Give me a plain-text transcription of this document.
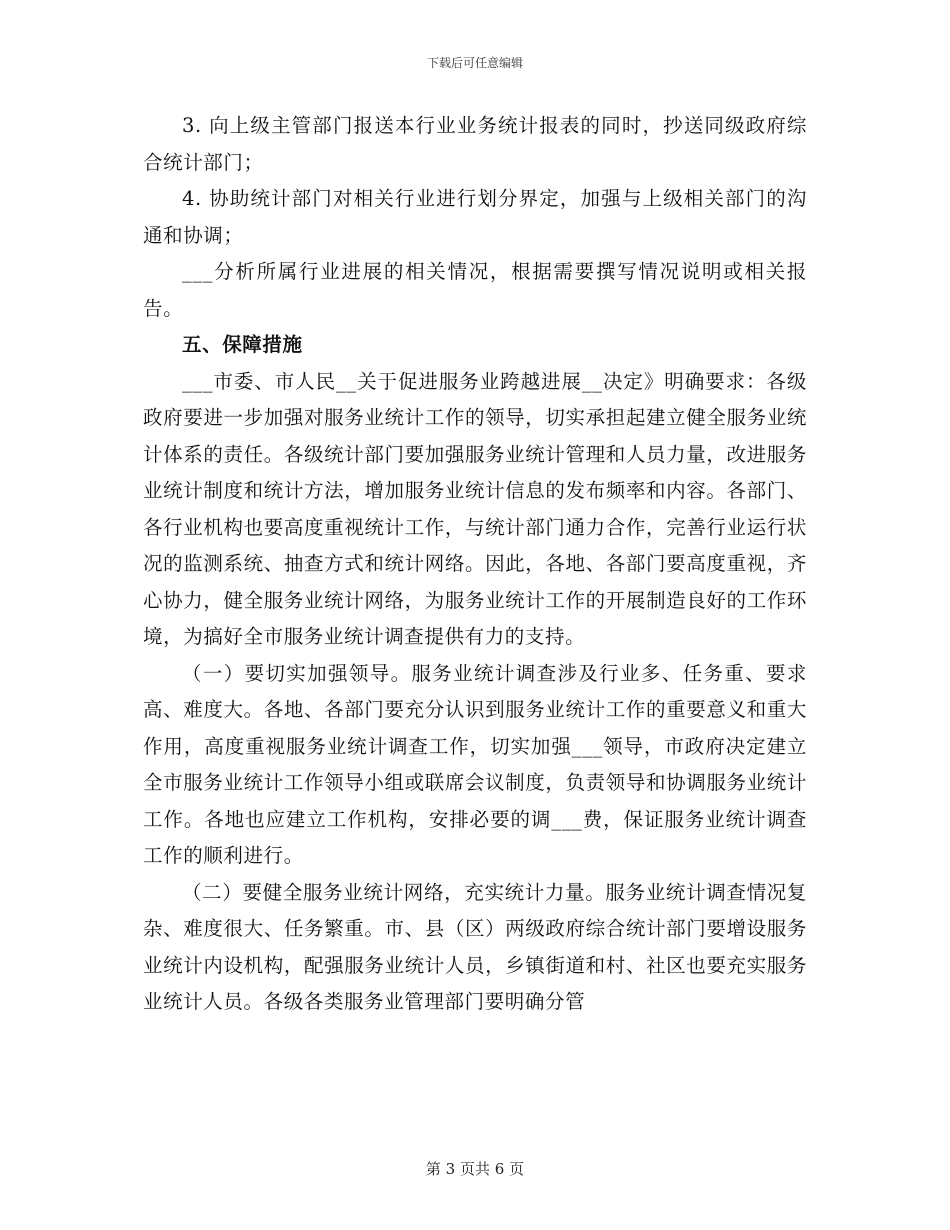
下载后可任意编辑

3. 向上级主管部门报送本行业业务统计报表的同时，抄送同级政府综合统计部门；

4. 协助统计部门对相关行业进行划分界定，加强与上级相关部门的沟通和协调；

___分析所属行业进展的相关情况，根据需要撰写情况说明或相关报告。

五、保障措施

___市委、市人民__关于促进服务业跨越进展__决定》明确要求：各级政府要进一步加强对服务业统计工作的领导，切实承担起建立健全服务业统计体系的责任。各级统计部门要加强服务业统计管理和人员力量，改进服务业统计制度和统计方法，增加服务业统计信息的发布频率和内容。各部门、各行业机构也要高度重视统计工作，与统计部门通力合作，完善行业运行状况的监测系统、抽查方式和统计网络。因此，各地、各部门要高度重视，齐心协力，健全服务业统计网络，为服务业统计工作的开展制造良好的工作环境，为搞好全市服务业统计调查提供有力的支持。

（一）要切实加强领导。服务业统计调查涉及行业多、任务重、要求高、难度大。各地、各部门要充分认识到服务业统计工作的重要意义和重大作用，高度重视服务业统计调查工作，切实加强___领导，市政府决定建立全市服务业统计工作领导小组或联席会议制度，负责领导和协调服务业统计工作。各地也应建立工作机构，安排必要的调___费，保证服务业统计调查工作的顺利进行。

（二）要健全服务业统计网络，充实统计力量。服务业统计调查情况复杂、难度很大、任务繁重。市、县（区）两级政府综合统计部门要增设服务业统计内设机构，配强服务业统计人员，乡镇街道和村、社区也要充实服务业统计人员。各级各类服务业管理部门要明确分管

第 3 页共 6 页
